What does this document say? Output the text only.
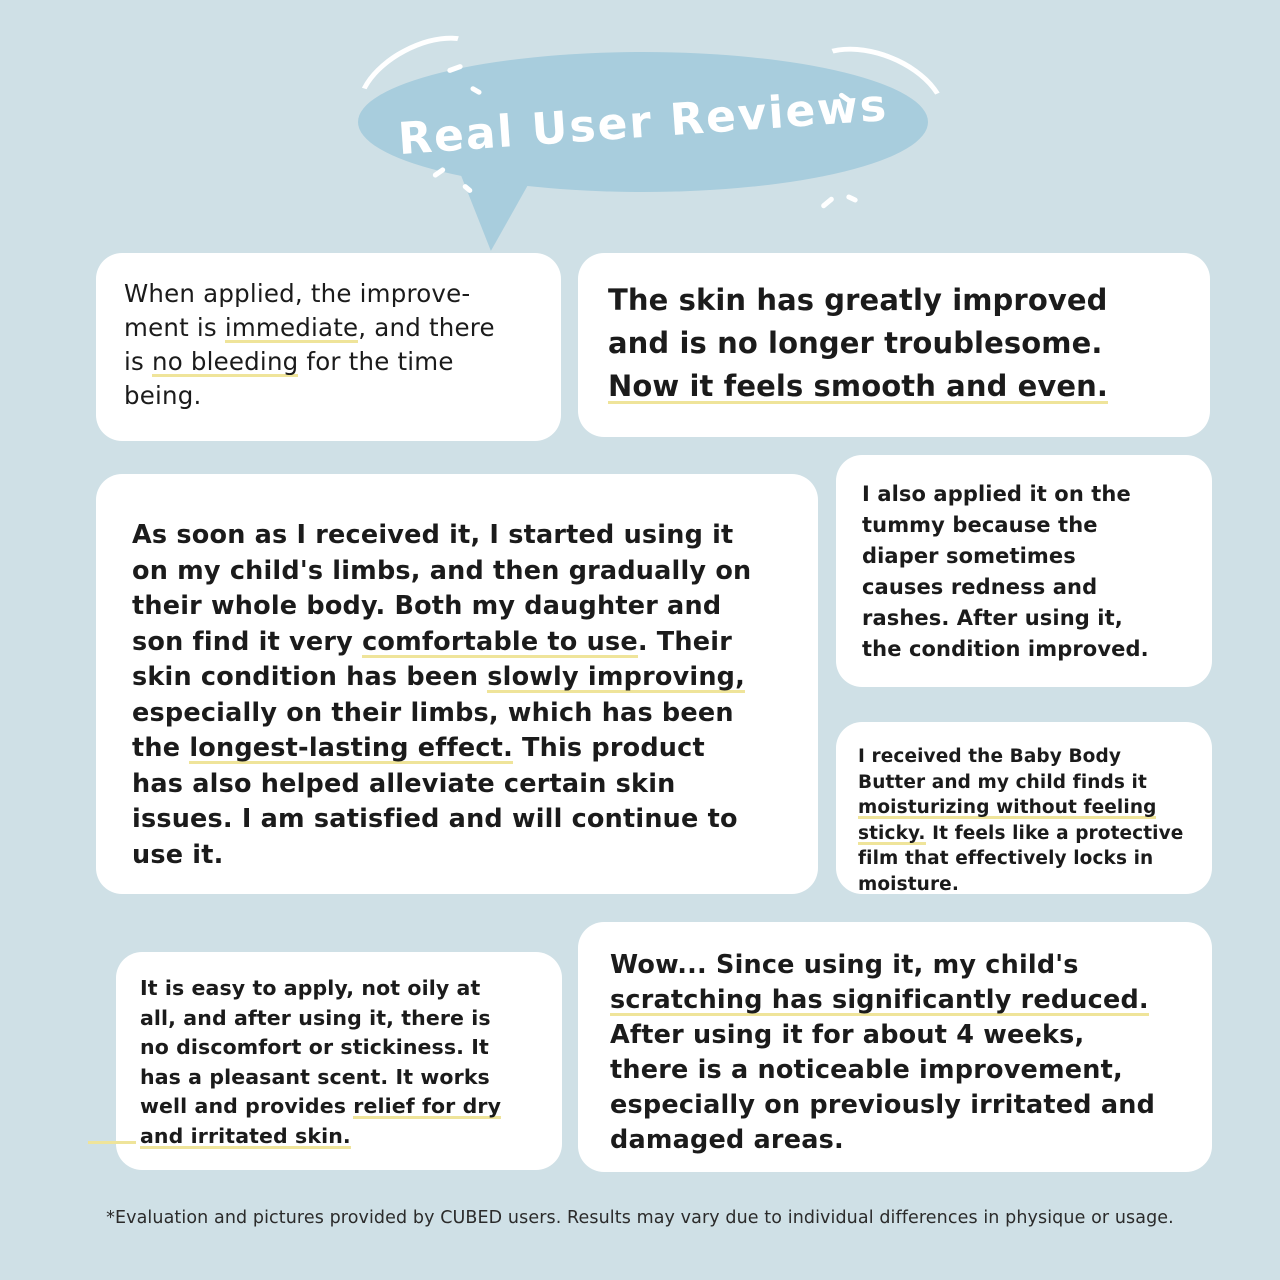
Real User Reviews

When applied, the improve-

ment is immediate, and there

is no bleeding for the time

being.

The skin has greatly improved

and is no longer troublesome.

Now it feels smooth and even.

As soon as I received it, I started using it

on my child's limbs, and then gradually on

their whole body. Both my daughter and

son find it very comfortable to use. Their

skin condition has been slowly improving,

especially on their limbs, which has been

the longest-lasting effect. This product

has also helped alleviate certain skin

issues. I am satisfied and will continue to

use it.

I also applied it on the

tummy because the

diaper sometimes

causes redness and

rashes. After using it,

the condition improved.

I received the Baby Body

Butter and my child finds it

moisturizing without feeling

sticky. It feels like a protective

film that effectively locks in

moisture.

It is easy to apply, not oily at

all, and after using it, there is

no discomfort or stickiness. It

has a pleasant scent. It works

well and provides relief for dry

and irritated skin.

Wow... Since using it, my child's

scratching has significantly reduced.

After using it for about 4 weeks,

there is a noticeable improvement,

especially on previously irritated and

damaged areas.

*Evaluation and pictures provided by CUBED users. Results may vary due to individual differences in physique or usage.
